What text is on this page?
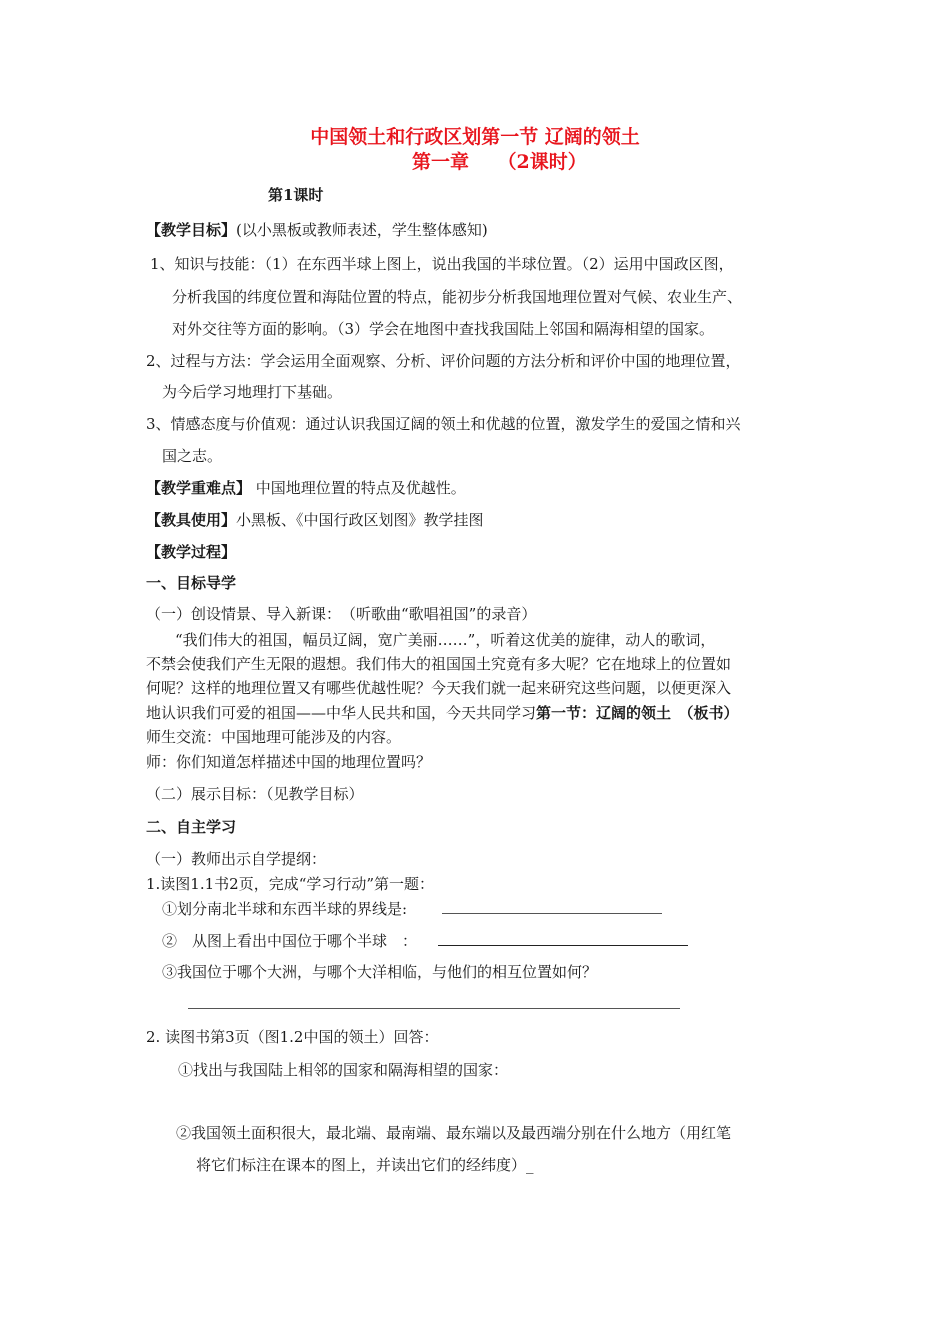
中国领土和行政区划第一节 辽阔的领土
第一章　　（2课时）
第1课时
【教学目标】(以小黑板或教师表述，学生整体感知)
1、知识与技能：（1）在东西半球上图上，说出我国的半球位置。（2）运用中国政区图，
分析我国的纬度位置和海陆位置的特点，能初步分析我国地理位置对气候、农业生产、
对外交往等方面的影响。（3）学会在地图中查找我国陆上邻国和隔海相望的国家。
2、过程与方法：学会运用全面观察、分析、评价问题的方法分析和评价中国的地理位置，
为今后学习地理打下基础。
3、情感态度与价值观：通过认识我国辽阔的领土和优越的位置，激发学生的爱国之情和兴
国之志。
【教学重难点】 中国地理位置的特点及优越性。
【教具使用】小黑板、《中国行政区划图》教学挂图
【教学过程】
一、目标导学
（一）创设情景、导入新课：　（听歌曲“歌唱祖国”的录音）
“我们伟大的祖国，幅员辽阔，宽广美丽……”，听着这优美的旋律，动人的歌词，
不禁会使我们产生无限的遐想。我们伟大的祖国国土究竟有多大呢？它在地球上的位置如
何呢？这样的地理位置又有哪些优越性呢？今天我们就一起来研究这些问题，以便更深入
地认识我们可爱的祖国——中华人民共和国，今天共同学习第一节：辽阔的领土　（板书）
师生交流：中国地理可能涉及的内容。
师：你们知道怎样描述中国的地理位置吗？
（二）展示目标：（见教学目标）
二、自主学习
（一）教师出示自学提纲：
1.读图1.1书2页，完成“学习行动”第一题：
①划分南北半球和东西半球的界线是:
②　从图上看出中国位于哪个半球　：
③我国位于哪个大洲，与哪个大洋相临，与他们的相互位置如何？
2. 读图书第3页（图1.2中国的领土）回答：
①找出与我国陆上相邻的国家和隔海相望的国家：
②我国领土面积很大，最北端、最南端、最东端以及最西端分别在什么地方（用红笔
将它们标注在课本的图上，并读出它们的经纬度）_
